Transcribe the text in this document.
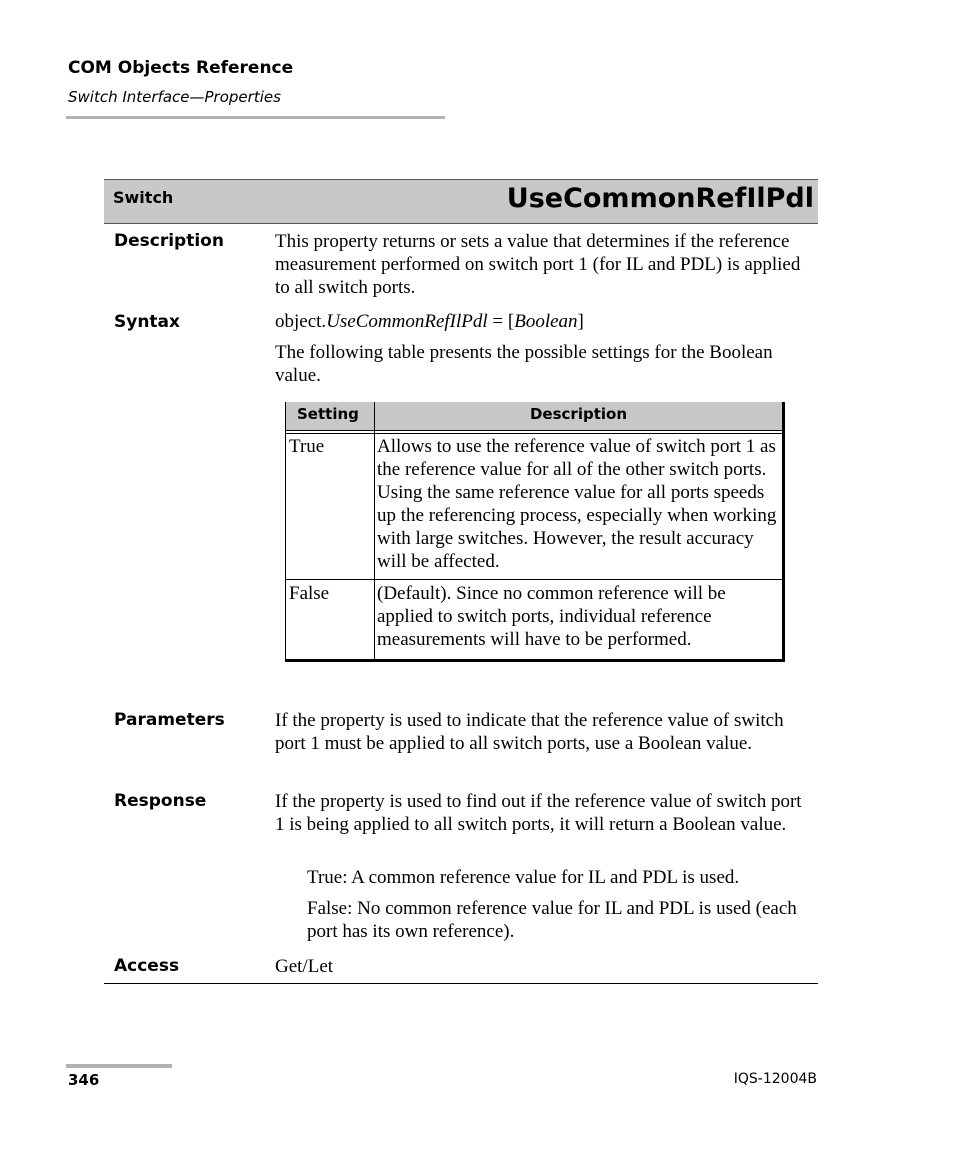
COM Objects Reference
Switch Interface—Properties
Switch	UseCommonRefIlPdl
Description	This property returns or sets a value that determines if the reference measurement performed on switch port 1 (for IL and PDL) is applied to all switch ports.
Syntax	object.UseCommonRefIlPdl = [Boolean]
The following table presents the possible settings for the Boolean value.
Setting	Description
True	Allows to use the reference value of switch port 1 as the reference value for all of the other switch ports. Using the same reference value for all ports speeds up the referencing process, especially when working with large switches. However, the result accuracy will be affected.
False	(Default). Since no common reference will be applied to switch ports, individual reference measurements will have to be performed.
Parameters	If the property is used to indicate that the reference value of switch port 1 must be applied to all switch ports, use a Boolean value.
Response	If the property is used to find out if the reference value of switch port 1 is being applied to all switch ports, it will return a Boolean value.
True: A common reference value for IL and PDL is used.
False: No common reference value for IL and PDL is used (each port has its own reference).
Access	Get/Let
346	IQS-12004B
